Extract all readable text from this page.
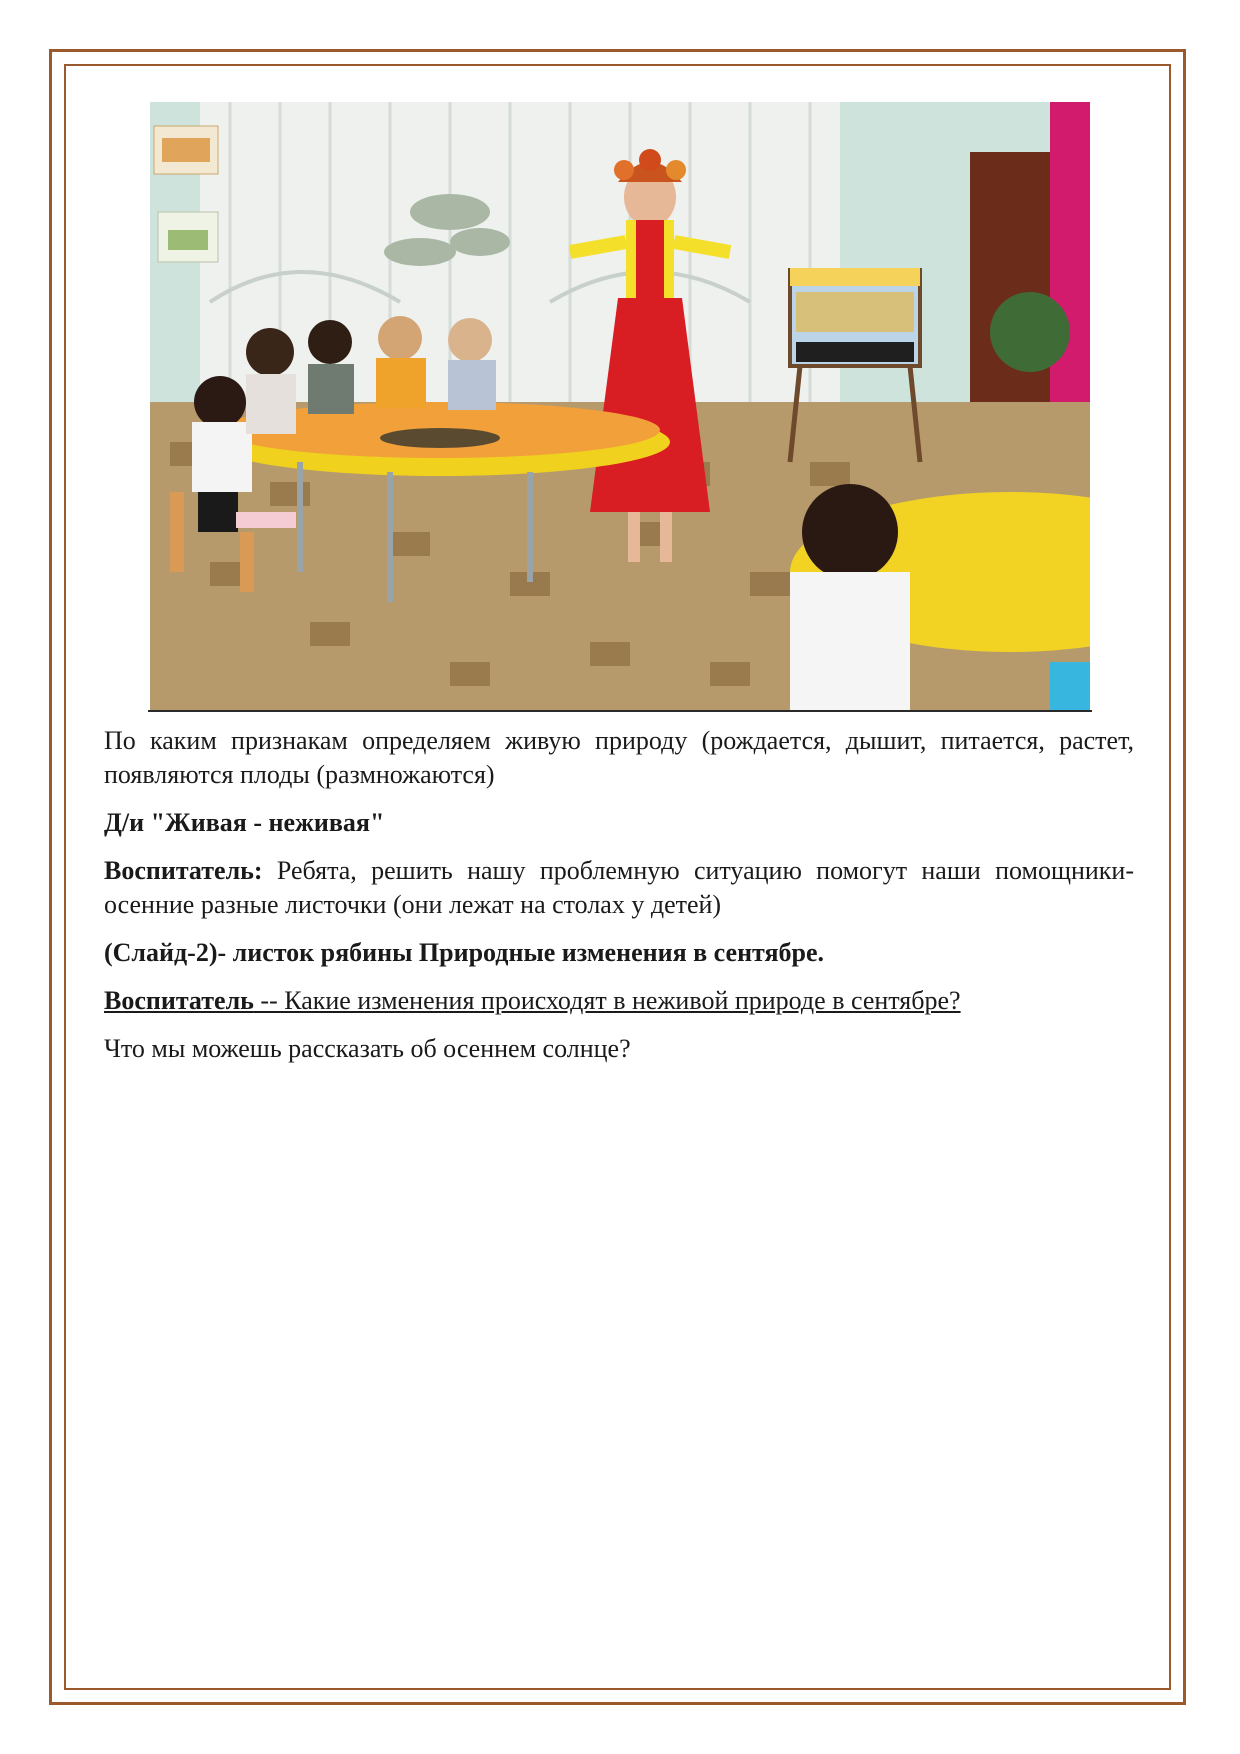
По каким признакам определяем живую природу (рождается, дышит, питается, растет, появляются плоды (размножаются)

Д/и "Живая - неживая"

Воспитатель: Ребята, решить нашу проблемную ситуацию помогут наши помощники- осенние разные листочки (они лежат на столах у детей)

(Слайд-2)- листок рябины Природные изменения в сентябре.

Воспитатель -- Какие изменения происходят в неживой природе в сентябре?

Что мы можешь рассказать об осеннем солнце?
